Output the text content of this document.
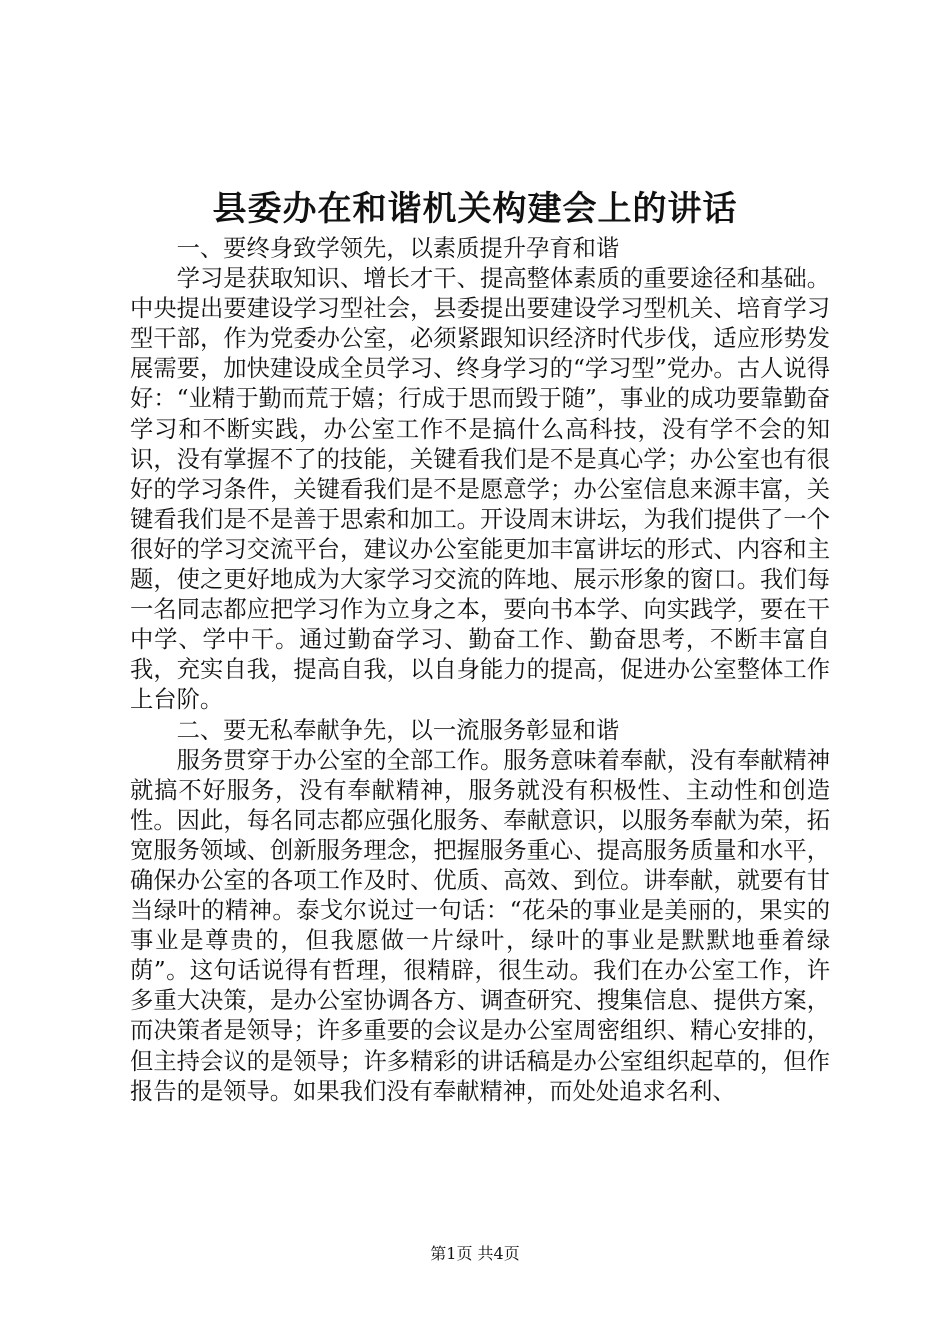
县委办在和谐机关构建会上的讲话

一、要终身致学领先，以素质提升孕育和谐

学习是获取知识、增长才干、提高整体素质的重要途径和基础。中央提出要建设学习型社会，县委提出要建设学习型机关、培育学习型干部，作为党委办公室，必须紧跟知识经济时代步伐，适应形势发展需要，加快建设成全员学习、终身学习的“学习型”党办。古人说得好：“业精于勤而荒于嬉；行成于思而毁于随”，事业的成功要靠勤奋学习和不断实践，办公室工作不是搞什么高科技，没有学不会的知识，没有掌握不了的技能，关键看我们是不是真心学；办公室也有很好的学习条件，关键看我们是不是愿意学；办公室信息来源丰富，关键看我们是不是善于思索和加工。开设周末讲坛，为我们提供了一个很好的学习交流平台，建议办公室能更加丰富讲坛的形式、内容和主题，使之更好地成为大家学习交流的阵地、展示形象的窗口。我们每一名同志都应把学习作为立身之本，要向书本学、向实践学，要在干中学、学中干。通过勤奋学习、勤奋工作、勤奋思考，不断丰富自我，充实自我，提高自我，以自身能力的提高，促进办公室整体工作上台阶。

二、要无私奉献争先，以一流服务彰显和谐

服务贯穿于办公室的全部工作。服务意味着奉献，没有奉献精神就搞不好服务，没有奉献精神，服务就没有积极性、主动性和创造性。因此，每名同志都应强化服务、奉献意识，以服务奉献为荣，拓宽服务领域、创新服务理念，把握服务重心、提高服务质量和水平，确保办公室的各项工作及时、优质、高效、到位。讲奉献，就要有甘当绿叶的精神。泰戈尔说过一句话：“花朵的事业是美丽的，果实的事业是尊贵的，但我愿做一片绿叶，绿叶的事业是默默地垂着绿荫”。这句话说得有哲理，很精辟，很生动。我们在办公室工作，许多重大决策，是办公室协调各方、调查研究、搜集信息、提供方案，而决策者是领导；许多重要的会议是办公室周密组织、精心安排的，但主持会议的是领导；许多精彩的讲话稿是办公室组织起草的，但作报告的是领导。如果我们没有奉献精神，而处处追求名利、

第1页 共4页
